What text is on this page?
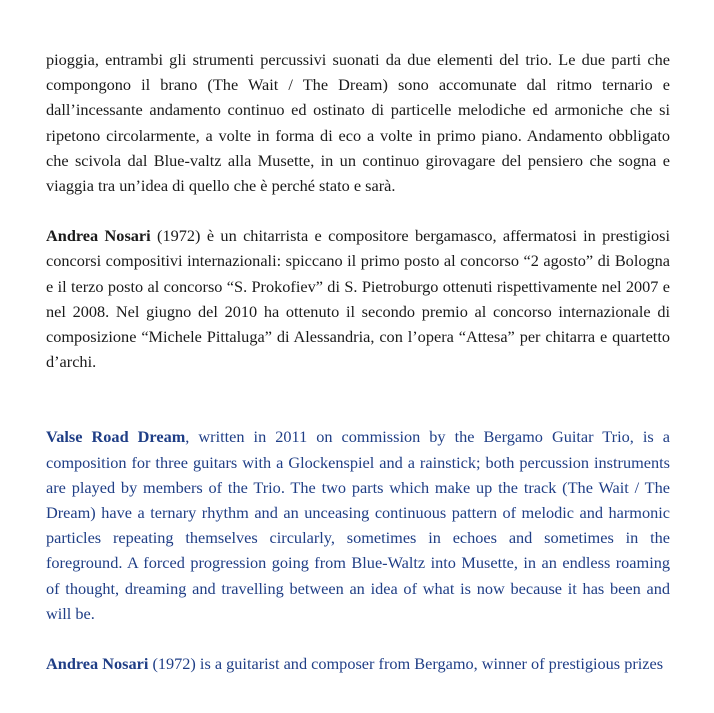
pioggia, entrambi gli strumenti percussivi suonati da due elementi del trio. Le due parti che compongono il brano (The Wait / The Dream) sono accomunate dal ritmo ternario e dall’incessante andamento continuo ed ostinato di particelle melodiche ed armoniche che si ripetono circolarmente, a volte in forma di eco a volte in primo piano. Andamento obbligato che scivola dal Blue-valtz alla Musette, in un continuo girovagare del pensiero che sogna e viaggia tra un’idea di quello che è perché stato e sarà.

Andrea Nosari (1972) è un chitarrista e compositore bergamasco, affermatosi in prestigiosi concorsi compositivi internazionali: spiccano il primo posto al concorso “2 agosto” di Bologna e il terzo posto al concorso “S. Prokofiev” di S. Pietroburgo ottenuti rispettivamente nel 2007 e nel 2008. Nel giugno del 2010 ha ottenuto il secondo premio al concorso internazionale di composizione “Michele Pittaluga” di Alessandria, con l’opera “Attesa” per chitarra e quartetto d’archi.

Valse Road Dream, written in 2011 on commission by the Bergamo Guitar Trio, is a composition for three guitars with a Glockenspiel and a rainstick; both percussion instruments are played by members of the Trio. The two parts which make up the track (The Wait / The Dream) have a ternary rhythm and an unceasing continuous pattern of melodic and harmonic particles repeating themselves circularly, sometimes in echoes and sometimes in the foreground. A forced progression going from Blue-Waltz into Musette, in an endless roaming of thought, dreaming and travelling between an idea of what is now because it has been and will be.

Andrea Nosari (1972) is a guitarist and composer from Bergamo, winner of prestigious prizes
